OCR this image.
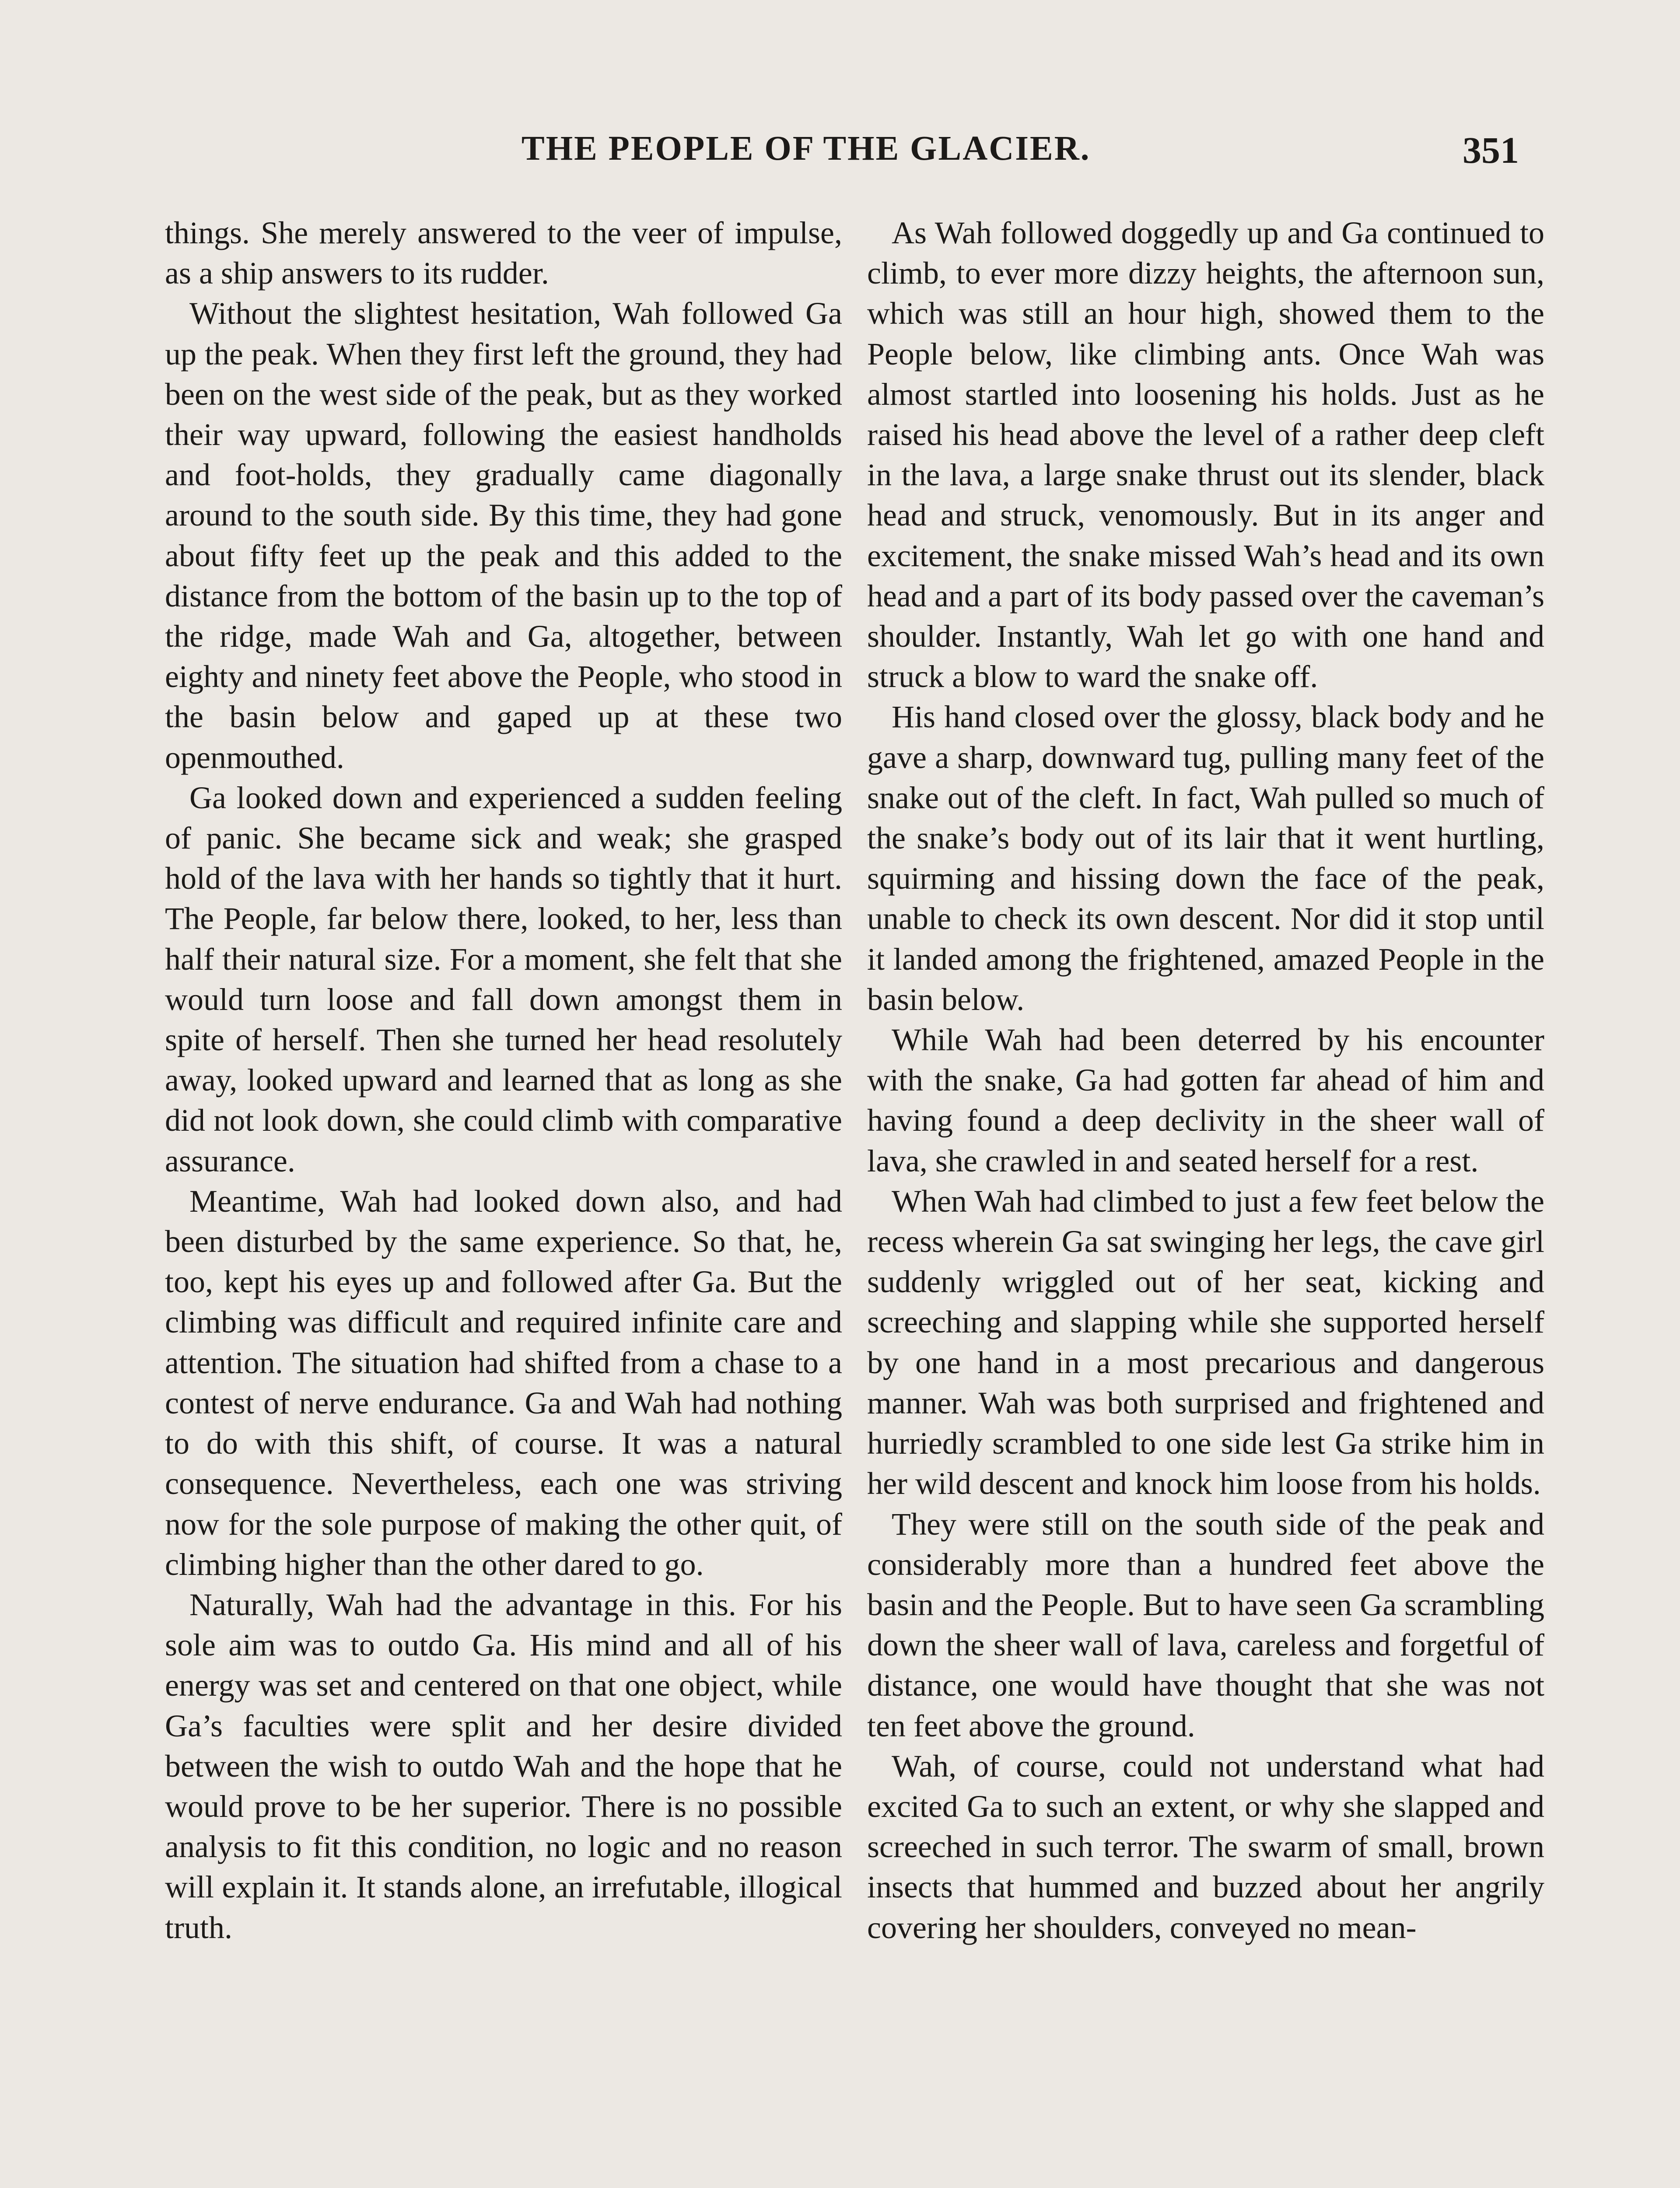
THE PEOPLE OF THE GLACIER.	351

things. She merely answered to the veer of impulse, as a ship answers to its rudder.

Without the slightest hesitation, Wah followed Ga up the peak. When they first left the ground, they had been on the west side of the peak, but as they worked their way upward, following the easiest handholds and foot-holds, they gradually came diagonally around to the south side. By this time, they had gone about fifty feet up the peak and this added to the distance from the bottom of the basin up to the top of the ridge, made Wah and Ga, altogether, between eighty and ninety feet above the People, who stood in the basin below and gaped up at these two openmouthed.

Ga looked down and experienced a sudden feeling of panic. She became sick and weak; she grasped hold of the lava with her hands so tightly that it hurt. The People, far below there, looked, to her, less than half their natural size. For a moment, she felt that she would turn loose and fall down amongst them in spite of herself. Then she turned her head resolutely away, looked upward and learned that as long as she did not look down, she could climb with comparative assurance.

Meantime, Wah had looked down also, and had been disturbed by the same experience. So that, he, too, kept his eyes up and followed after Ga. But the climbing was difficult and required infinite care and attention. The situation had shifted from a chase to a contest of nerve endurance. Ga and Wah had nothing to do with this shift, of course. It was a natural consequence. Nevertheless, each one was striving now for the sole purpose of making the other quit, of climbing higher than the other dared to go.

Naturally, Wah had the advantage in this. For his sole aim was to outdo Ga. His mind and all of his energy was set and centered on that one object, while Ga’s faculties were split and her desire divided between the wish to outdo Wah and the hope that he would prove to be her superior. There is no possible analysis to fit this condition, no logic and no reason will explain it. It stands alone, an irrefutable, illogical truth.

As Wah followed doggedly up and Ga continued to climb, to ever more dizzy heights, the afternoon sun, which was still an hour high, showed them to the People below, like climbing ants. Once Wah was almost startled into loosening his holds. Just as he raised his head above the level of a rather deep cleft in the lava, a large snake thrust out its slender, black head and struck, venomously. But in its anger and excitement, the snake missed Wah’s head and its own head and a part of its body passed over the caveman’s shoulder. Instantly, Wah let go with one hand and struck a blow to ward the snake off.

His hand closed over the glossy, black body and he gave a sharp, downward tug, pulling many feet of the snake out of the cleft. In fact, Wah pulled so much of the snake’s body out of its lair that it went hurtling, squirming and hissing down the face of the peak, unable to check its own descent. Nor did it stop until it landed among the frightened, amazed People in the basin below.

While Wah had been deterred by his encounter with the snake, Ga had gotten far ahead of him and having found a deep declivity in the sheer wall of lava, she crawled in and seated herself for a rest.

When Wah had climbed to just a few feet below the recess wherein Ga sat swinging her legs, the cave girl suddenly wriggled out of her seat, kicking and screeching and slapping while she supported herself by one hand in a most precarious and dangerous manner. Wah was both surprised and frightened and hurriedly scrambled to one side lest Ga strike him in her wild descent and knock him loose from his holds.

They were still on the south side of the peak and considerably more than a hundred feet above the basin and the People. But to have seen Ga scrambling down the sheer wall of lava, careless and forgetful of distance, one would have thought that she was not ten feet above the ground.

Wah, of course, could not understand what had excited Ga to such an extent, or why she slapped and screeched in such terror. The swarm of small, brown insects that hummed and buzzed about her angrily covering her shoulders, conveyed no mean-
